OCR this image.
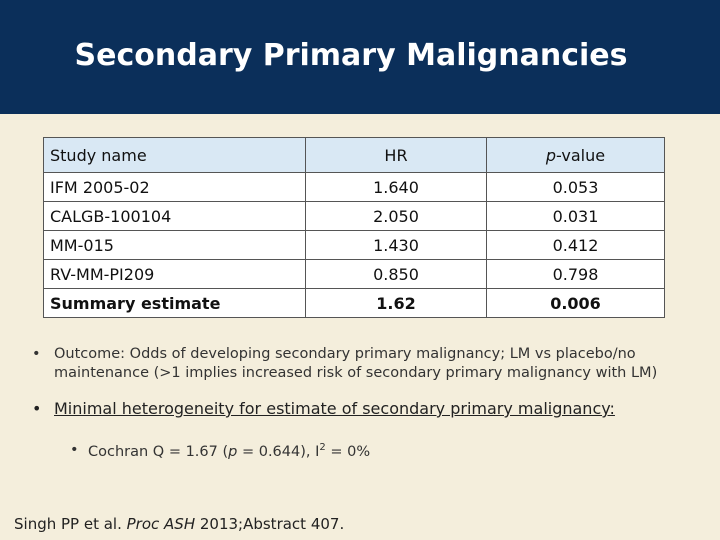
Secondary Primary Malignancies
Study name	HR	p-value
IFM 2005-02	1.640	0.053
CALGB-100104	2.050	0.031
MM-015	1.430	0.412
RV-MM-PI209	0.850	0.798
Summary estimate	1.62	0.006
• Outcome: Odds of developing secondary primary malignancy; LM vs placebo/no maintenance (>1 implies increased risk of secondary primary malignancy with LM)
• Minimal heterogeneity for estimate of secondary primary malignancy:
• Cochran Q = 1.67 (p = 0.644), $I^2 = 0\%$
Singh PP et al. Proc ASH 2013;Abstract 407.
